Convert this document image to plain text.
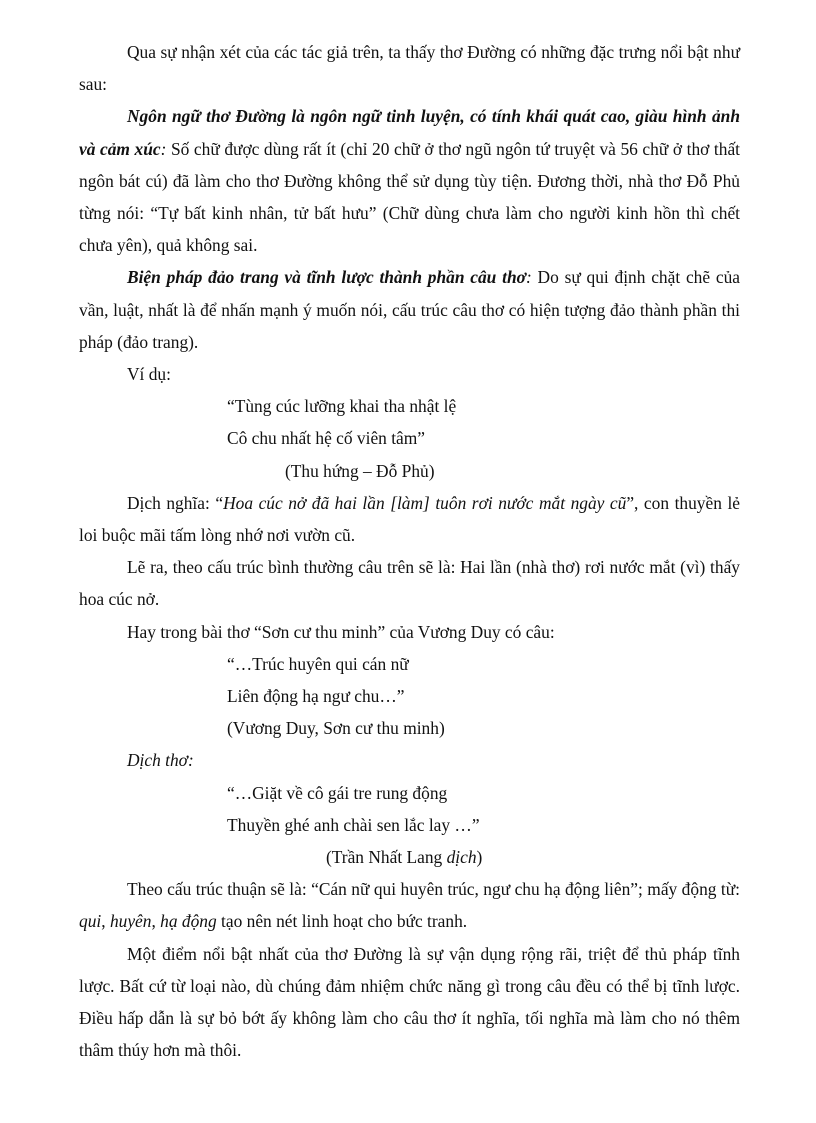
Qua sự nhận xét của các tác giả trên, ta thấy thơ Đường có những đặc trưng nổi bật như sau:

Ngôn ngữ thơ Đường là ngôn ngữ tinh luyện, có tính khái quát cao, giàu hình ảnh và cảm xúc: Số chữ được dùng rất ít (chỉ 20 chữ ở thơ ngũ ngôn tứ truyệt và 56 chữ ở thơ thất ngôn bát cú) đã làm cho thơ Đường không thể sử dụng tùy tiện. Đương thời, nhà thơ Đỗ Phủ từng nói: “Tự bất kinh nhân, tử bất hưu” (Chữ dùng chưa làm cho người kinh hồn thì chết chưa yên), quả không sai.

Biện pháp đảo trang và tĩnh lược thành phần câu thơ: Do sự qui định chặt chẽ của vần, luật, nhất là để nhấn mạnh ý muốn nói, cấu trúc câu thơ có hiện tượng đảo thành phần thi pháp (đảo trang).

Ví dụ:
“Tùng cúc lưỡng khai tha nhật lệ
Cô chu nhất hệ cố viên tâm”
(Thu hứng – Đỗ Phủ)

Dịch nghĩa: “Hoa cúc nở đã hai lần [làm] tuôn rơi nước mắt ngày cũ”, con thuyền lẻ loi buộc mãi tấm lòng nhớ nơi vườn cũ.

Lẽ ra, theo cấu trúc bình thường câu trên sẽ là: Hai lần (nhà thơ) rơi nước mắt (vì) thấy hoa cúc nở.

Hay trong bài thơ “Sơn cư thu minh” của Vương Duy có câu:

“…Trúc huyên qui cán nữ
Liên động hạ ngư chu…”
(Vương Duy, Sơn cư thu minh)
Dịch thơ:
“…Giặt về cô gái tre rung động
Thuyền ghé anh chài sen lắc lay …”
(Trần Nhất Lang dịch)

Theo cấu trúc thuận sẽ là: “Cán nữ qui huyên trúc, ngư chu hạ động liên”; mấy động từ: qui, huyên, hạ động tạo nên nét linh hoạt cho bức tranh.

Một điểm nổi bật nhất của thơ Đường là sự vận dụng rộng rãi, triệt để thủ pháp tĩnh lược. Bất cứ từ loại nào, dù chúng đảm nhiệm chức năng gì trong câu đều có thể bị tĩnh lược. Điều hấp dẫn là sự bỏ bớt ấy không làm cho câu thơ ít nghĩa, tối nghĩa mà làm cho nó thêm thâm thúy hơn mà thôi.
